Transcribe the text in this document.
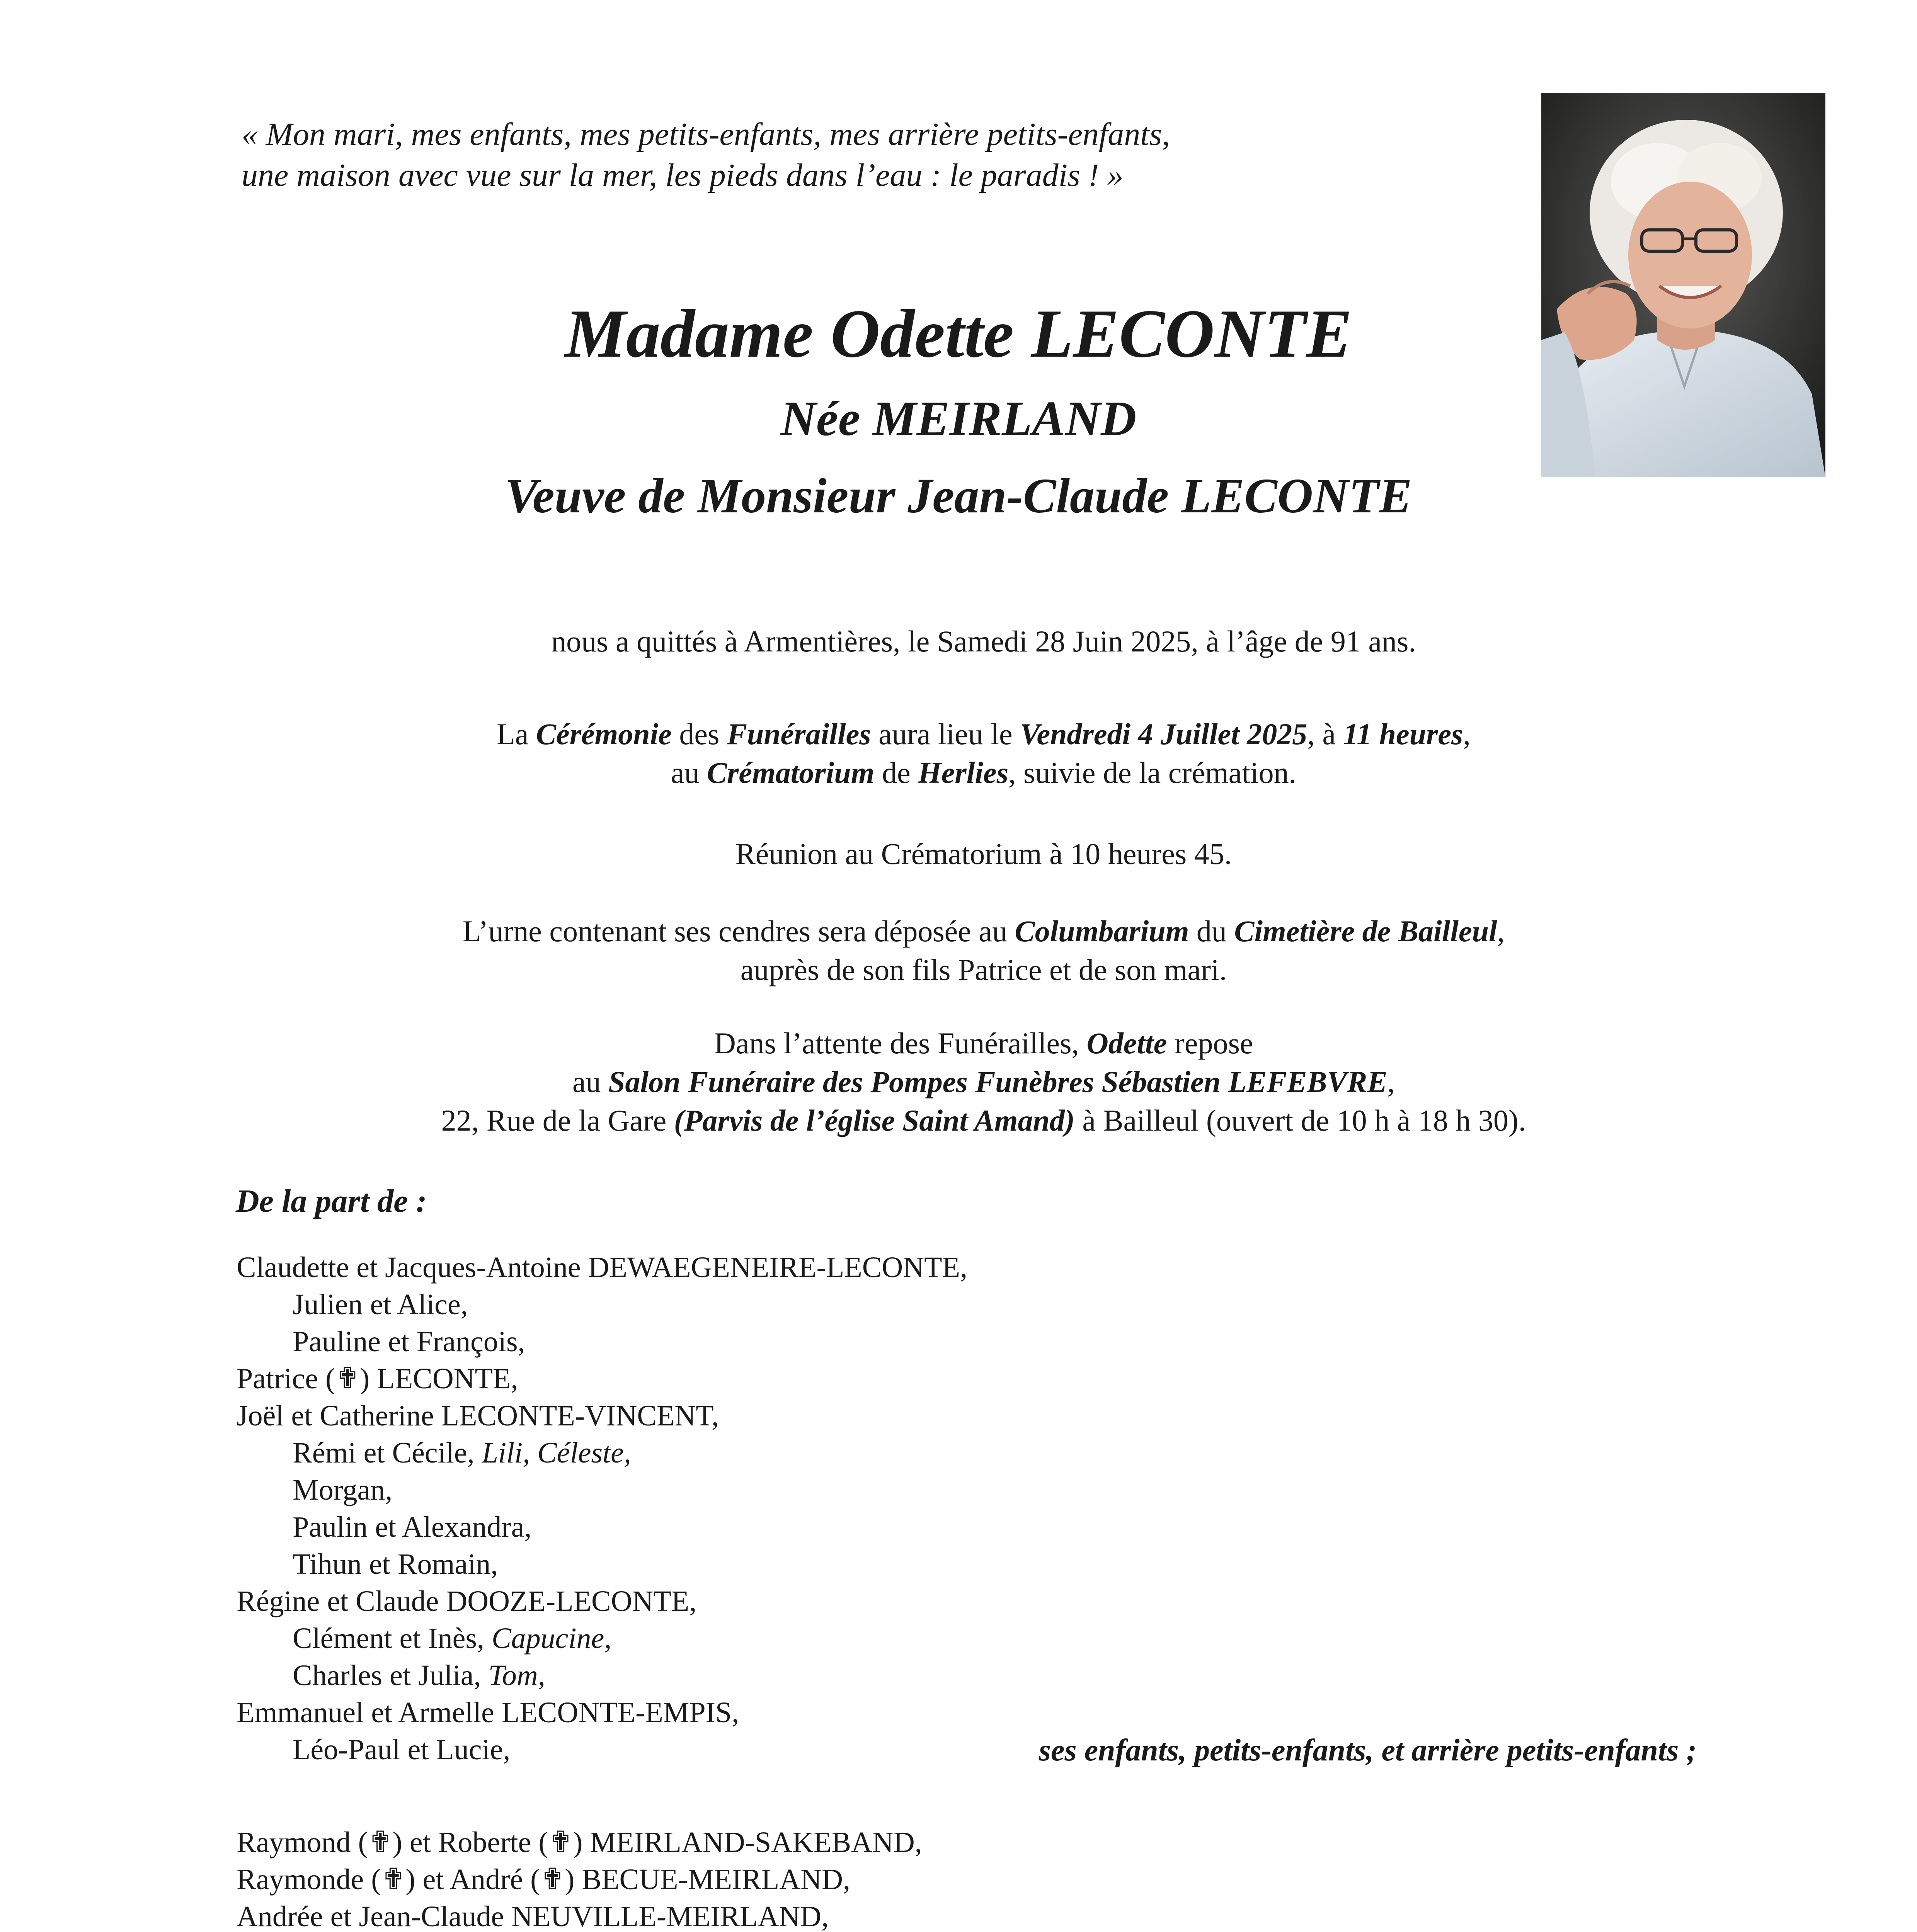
« Mon mari, mes enfants, mes petits-enfants, mes arrière petits-enfants,
une maison avec vue sur la mer, les pieds dans l’eau : le paradis ! »
Madame Odette LECONTE
Née MEIRLAND
Veuve de Monsieur Jean-Claude LECONTE
nous a quittés à Armentières, le Samedi 28 Juin 2025, à l’âge de 91 ans.
La Cérémonie des Funérailles aura lieu le Vendredi 4 Juillet 2025, à 11 heures,
au Crématorium de Herlies, suivie de la crémation.
Réunion au Crématorium à 10 heures 45.
L’urne contenant ses cendres sera déposée au Columbarium du Cimetière de Bailleul,
auprès de son fils Patrice et de son mari.
Dans l’attente des Funérailles, Odette repose
au Salon Funéraire des Pompes Funèbres Sébastien LEFEBVRE,
22, Rue de la Gare (Parvis de l’église Saint Amand) à Bailleul (ouvert de 10 h à 18 h 30).
De la part de :
Claudette et Jacques-Antoine DEWAEGENEIRE-LECONTE,
Julien et Alice,
Pauline et François,
Patrice (✟) LECONTE,
Joël et Catherine LECONTE-VINCENT,
Rémi et Cécile, Lili, Céleste,
Morgan,
Paulin et Alexandra,
Tihun et Romain,
Régine et Claude DOOZE-LECONTE,
Clément et Inès, Capucine,
Charles et Julia, Tom,
Emmanuel et Armelle LECONTE-EMPIS,
Léo-Paul et Lucie,	ses enfants, petits-enfants, et arrière petits-enfants ;
Raymond (✟) et Roberte (✟) MEIRLAND-SAKEBAND,
Raymonde (✟) et André (✟) BECUE-MEIRLAND,
Andrée et Jean-Claude NEUVILLE-MEIRLAND,
